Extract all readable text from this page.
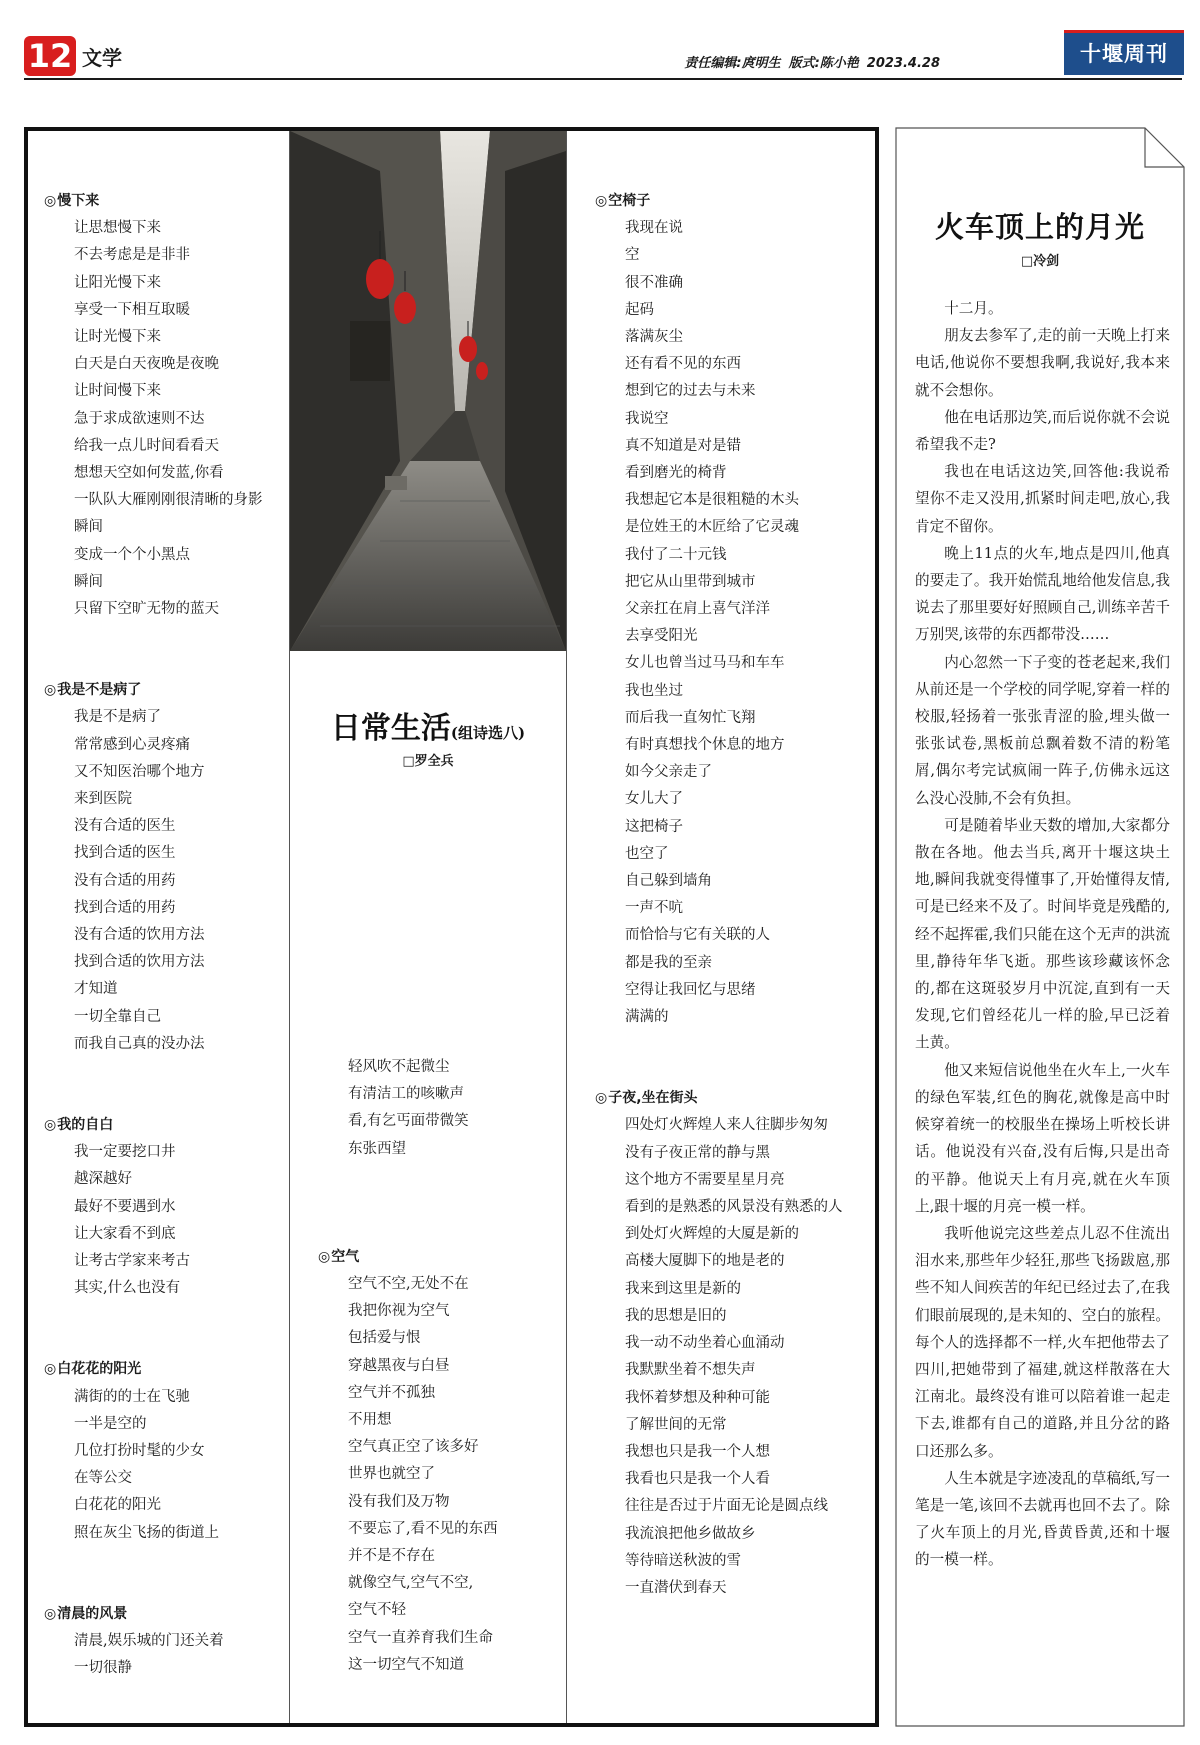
12 文学	责任编辑:庹明生 版式:陈小艳 2023.4.28	十堰周刊
◎慢下来
让思想慢下来
不去考虑是是非非
让阳光慢下来
享受一下相互取暖
让时光慢下来
白天是白天夜晚是夜晚
让时间慢下来
急于求成欲速则不达
给我一点儿时间看看天
想想天空如何发蓝,你看
一队队大雁刚刚很清晰的身影
瞬间
变成一个个小黑点
瞬间
只留下空旷无物的蓝天
◎我是不是病了
我是不是病了
常常感到心灵疼痛
又不知医治哪个地方
来到医院
没有合适的医生
找到合适的医生
没有合适的用药
找到合适的用药
没有合适的饮用方法
找到合适的饮用方法
才知道
一切全靠自己
而我自己真的没办法
◎我的自白
我一定要挖口井
越深越好
最好不要遇到水
让大家看不到底
让考古学家来考古
其实,什么也没有
◎白花花的阳光
满街的的士在飞驰
一半是空的
几位打扮时髦的少女
在等公交
白花花的阳光
照在灰尘飞扬的街道上
◎清晨的风景
清晨,娱乐城的门还关着
一切很静
轻风吹不起微尘
有清洁工的咳嗽声
看,有乞丐面带微笑
东张西望
◎空气
空气不空,无处不在
我把你视为空气
包括爱与恨
穿越黑夜与白昼
空气并不孤独
不用想
空气真正空了该多好
世界也就空了
没有我们及万物
不要忘了,看不见的东西
并不是不存在
就像空气,空气不空,
空气不轻
空气一直养育我们生命
这一切空气不知道
◎空椅子
我现在说
空
很不准确
起码
落满灰尘
还有看不见的东西
想到它的过去与未来
我说空
真不知道是对是错
看到磨光的椅背
我想起它本是很粗糙的木头
是位姓王的木匠给了它灵魂
我付了二十元钱
把它从山里带到城市
父亲扛在肩上喜气洋洋
去享受阳光
女儿也曾当过马马和车车
我也坐过
而后我一直匆忙飞翔
有时真想找个休息的地方
如今父亲走了
女儿大了
这把椅子
也空了
自己躲到墙角
一声不吭
而恰恰与它有关联的人
都是我的至亲
空得让我回忆与思绪
满满的
◎子夜,坐在街头
四处灯火辉煌人来人往脚步匆匆
没有子夜正常的静与黑
这个地方不需要星星月亮
看到的是熟悉的风景没有熟悉的人
到处灯火辉煌的大厦是新的
高楼大厦脚下的地是老的
我来到这里是新的
我的思想是旧的
我一动不动坐着心血涌动
我默默坐着不想失声
我怀着梦想及种种可能
了解世间的无常
我想也只是我一个人想
我看也只是我一个人看
往往是否过于片面无论是圆点线
我流浪把他乡做故乡
等待暗送秋波的雪
一直潜伏到春天
日常生活(组诗选八)
□罗全兵
火车顶上的月光
□冷剑

十二月。

朋友去参军了,走的前一天晚上打来电话,他说你不要想我啊,我说好,我本来就不会想你。

他在电话那边笑,而后说你就不会说希望我不走?

我也在电话这边笑,回答他:我说希望你不走又没用,抓紧时间走吧,放心,我肯定不留你。

晚上11点的火车,地点是四川,他真的要走了。我开始慌乱地给他发信息,我说去了那里要好好照顾自己,训练辛苦千万别哭,该带的东西都带没……

内心忽然一下子变的苍老起来,我们从前还是一个学校的同学呢,穿着一样的校服,轻扬着一张张青涩的脸,埋头做一张张试卷,黑板前总飘着数不清的粉笔屑,偶尔考完试疯闹一阵子,仿佛永远这么没心没肺,不会有负担。

可是随着毕业天数的增加,大家都分散在各地。他去当兵,离开十堰这块土地,瞬间我就变得懂事了,开始懂得友情,可是已经来不及了。时间毕竟是残酷的,经不起挥霍,我们只能在这个无声的洪流里,静待年华飞逝。那些该珍藏该怀念的,都在这斑驳岁月中沉淀,直到有一天发现,它们曾经花儿一样的脸,早已泛着土黄。

他又来短信说他坐在火车上,一火车的绿色军装,红色的胸花,就像是高中时候穿着统一的校服坐在操场上听校长讲话。他说没有兴奋,没有后悔,只是出奇的平静。他说天上有月亮,就在火车顶上,跟十堰的月亮一模一样。

我听他说完这些差点儿忍不住流出泪水来,那些年少轻狂,那些飞扬跋扈,那些不知人间疾苦的年纪已经过去了,在我们眼前展现的,是未知的、空白的旅程。每个人的选择都不一样,火车把他带去了四川,把她带到了福建,就这样散落在大江南北。最终没有谁可以陪着谁一起走下去,谁都有自己的道路,并且分岔的路口还那么多。

人生本就是字迹凌乱的草稿纸,写一笔是一笔,该回不去就再也回不去了。除了火车顶上的月光,昏黄昏黄,还和十堰的一模一样。
